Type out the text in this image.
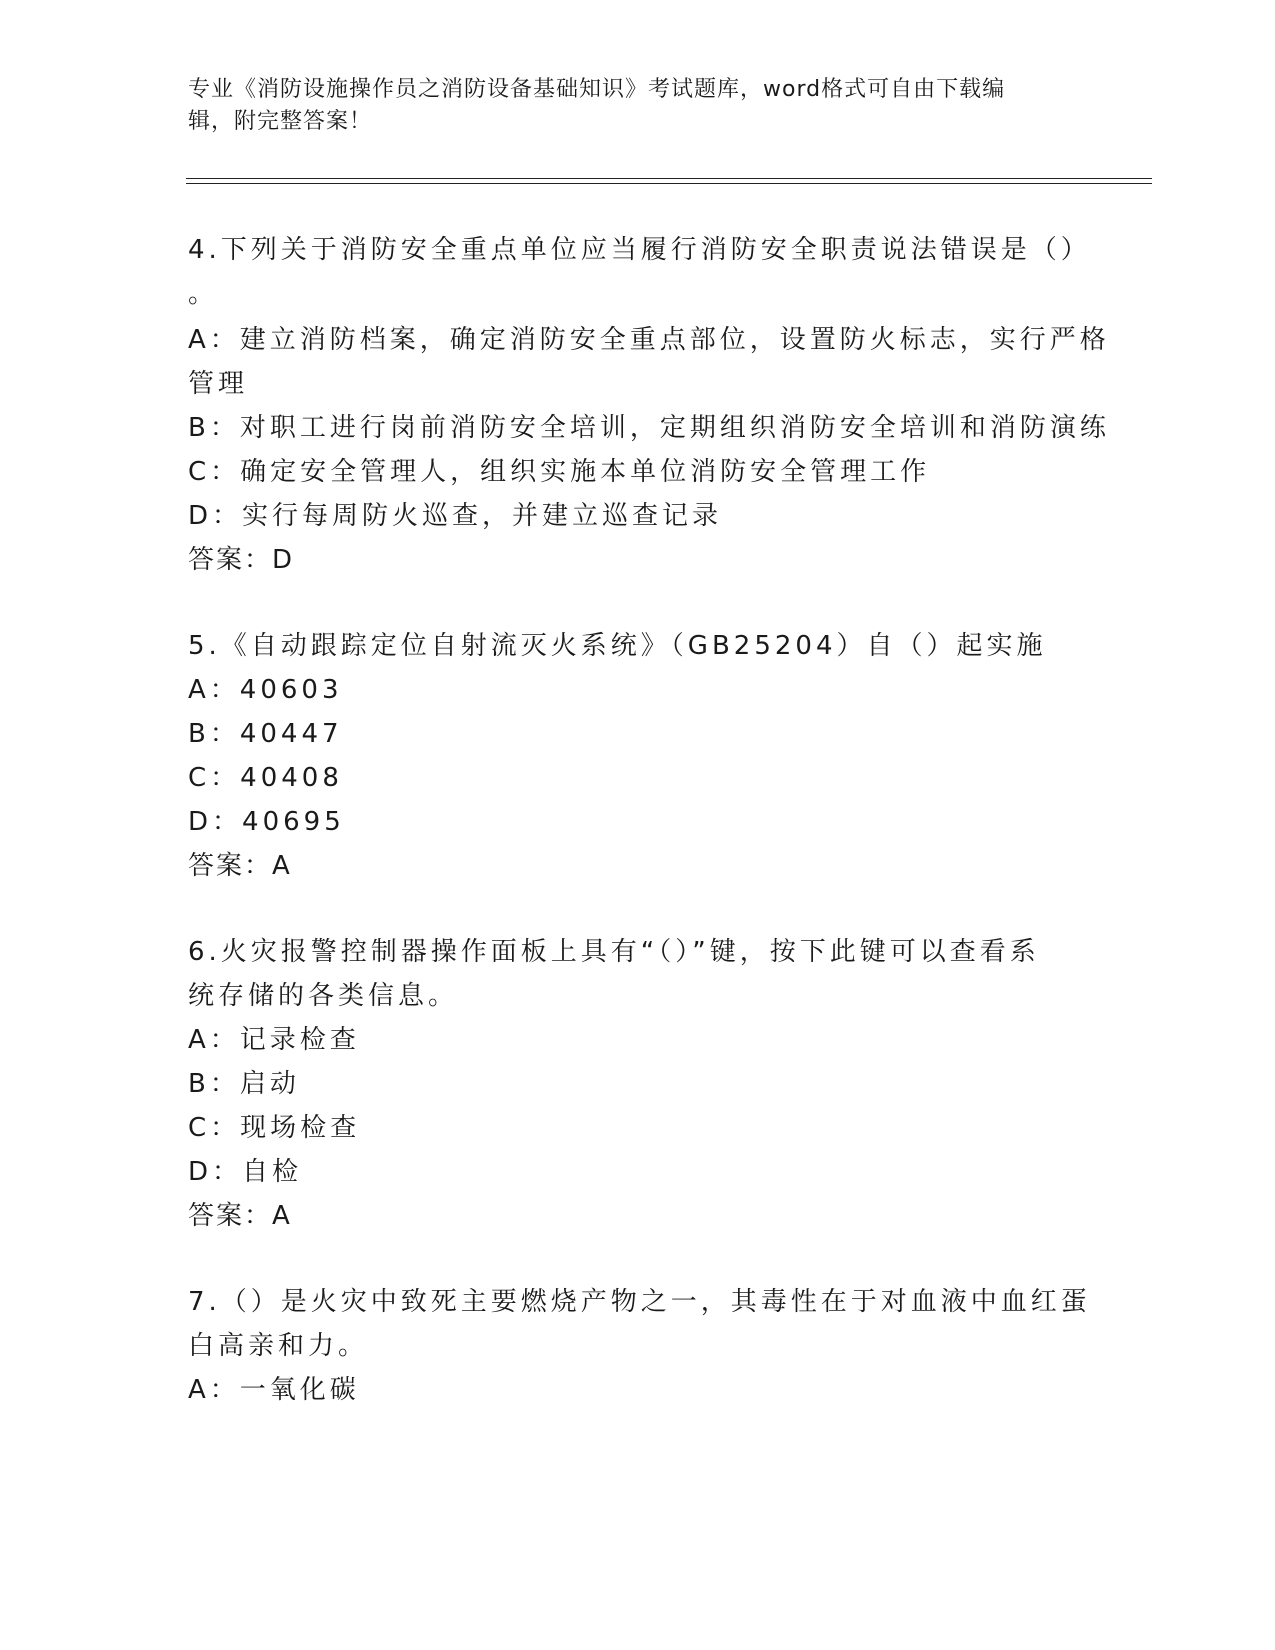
专业《消防设施操作员之消防设备基础知识》考试题库，word格式可自由下载编
辑，附完整答案！
4.下列关于消防安全重点单位应当履行消防安全职责说法错误是（）
。
A：建立消防档案，确定消防安全重点部位，设置防火标志，实行严格
管理
B：对职工进行岗前消防安全培训，定期组织消防安全培训和消防演练
C：确定安全管理人，组织实施本单位消防安全管理工作
D：实行每周防火巡查，并建立巡查记录
答案：D
5.《自动跟踪定位自射流灭火系统》（GB25204）自（）起实施
A：40603
B：40447
C：40408
D：40695
答案：A
6.火灾报警控制器操作面板上具有“（）”键，按下此键可以查看系
统存储的各类信息。
A：记录检查
B：启动
C：现场检查
D：自检
答案：A
7.（）是火灾中致死主要燃烧产物之一，其毒性在于对血液中血红蛋
白高亲和力。
A：一氧化碳
